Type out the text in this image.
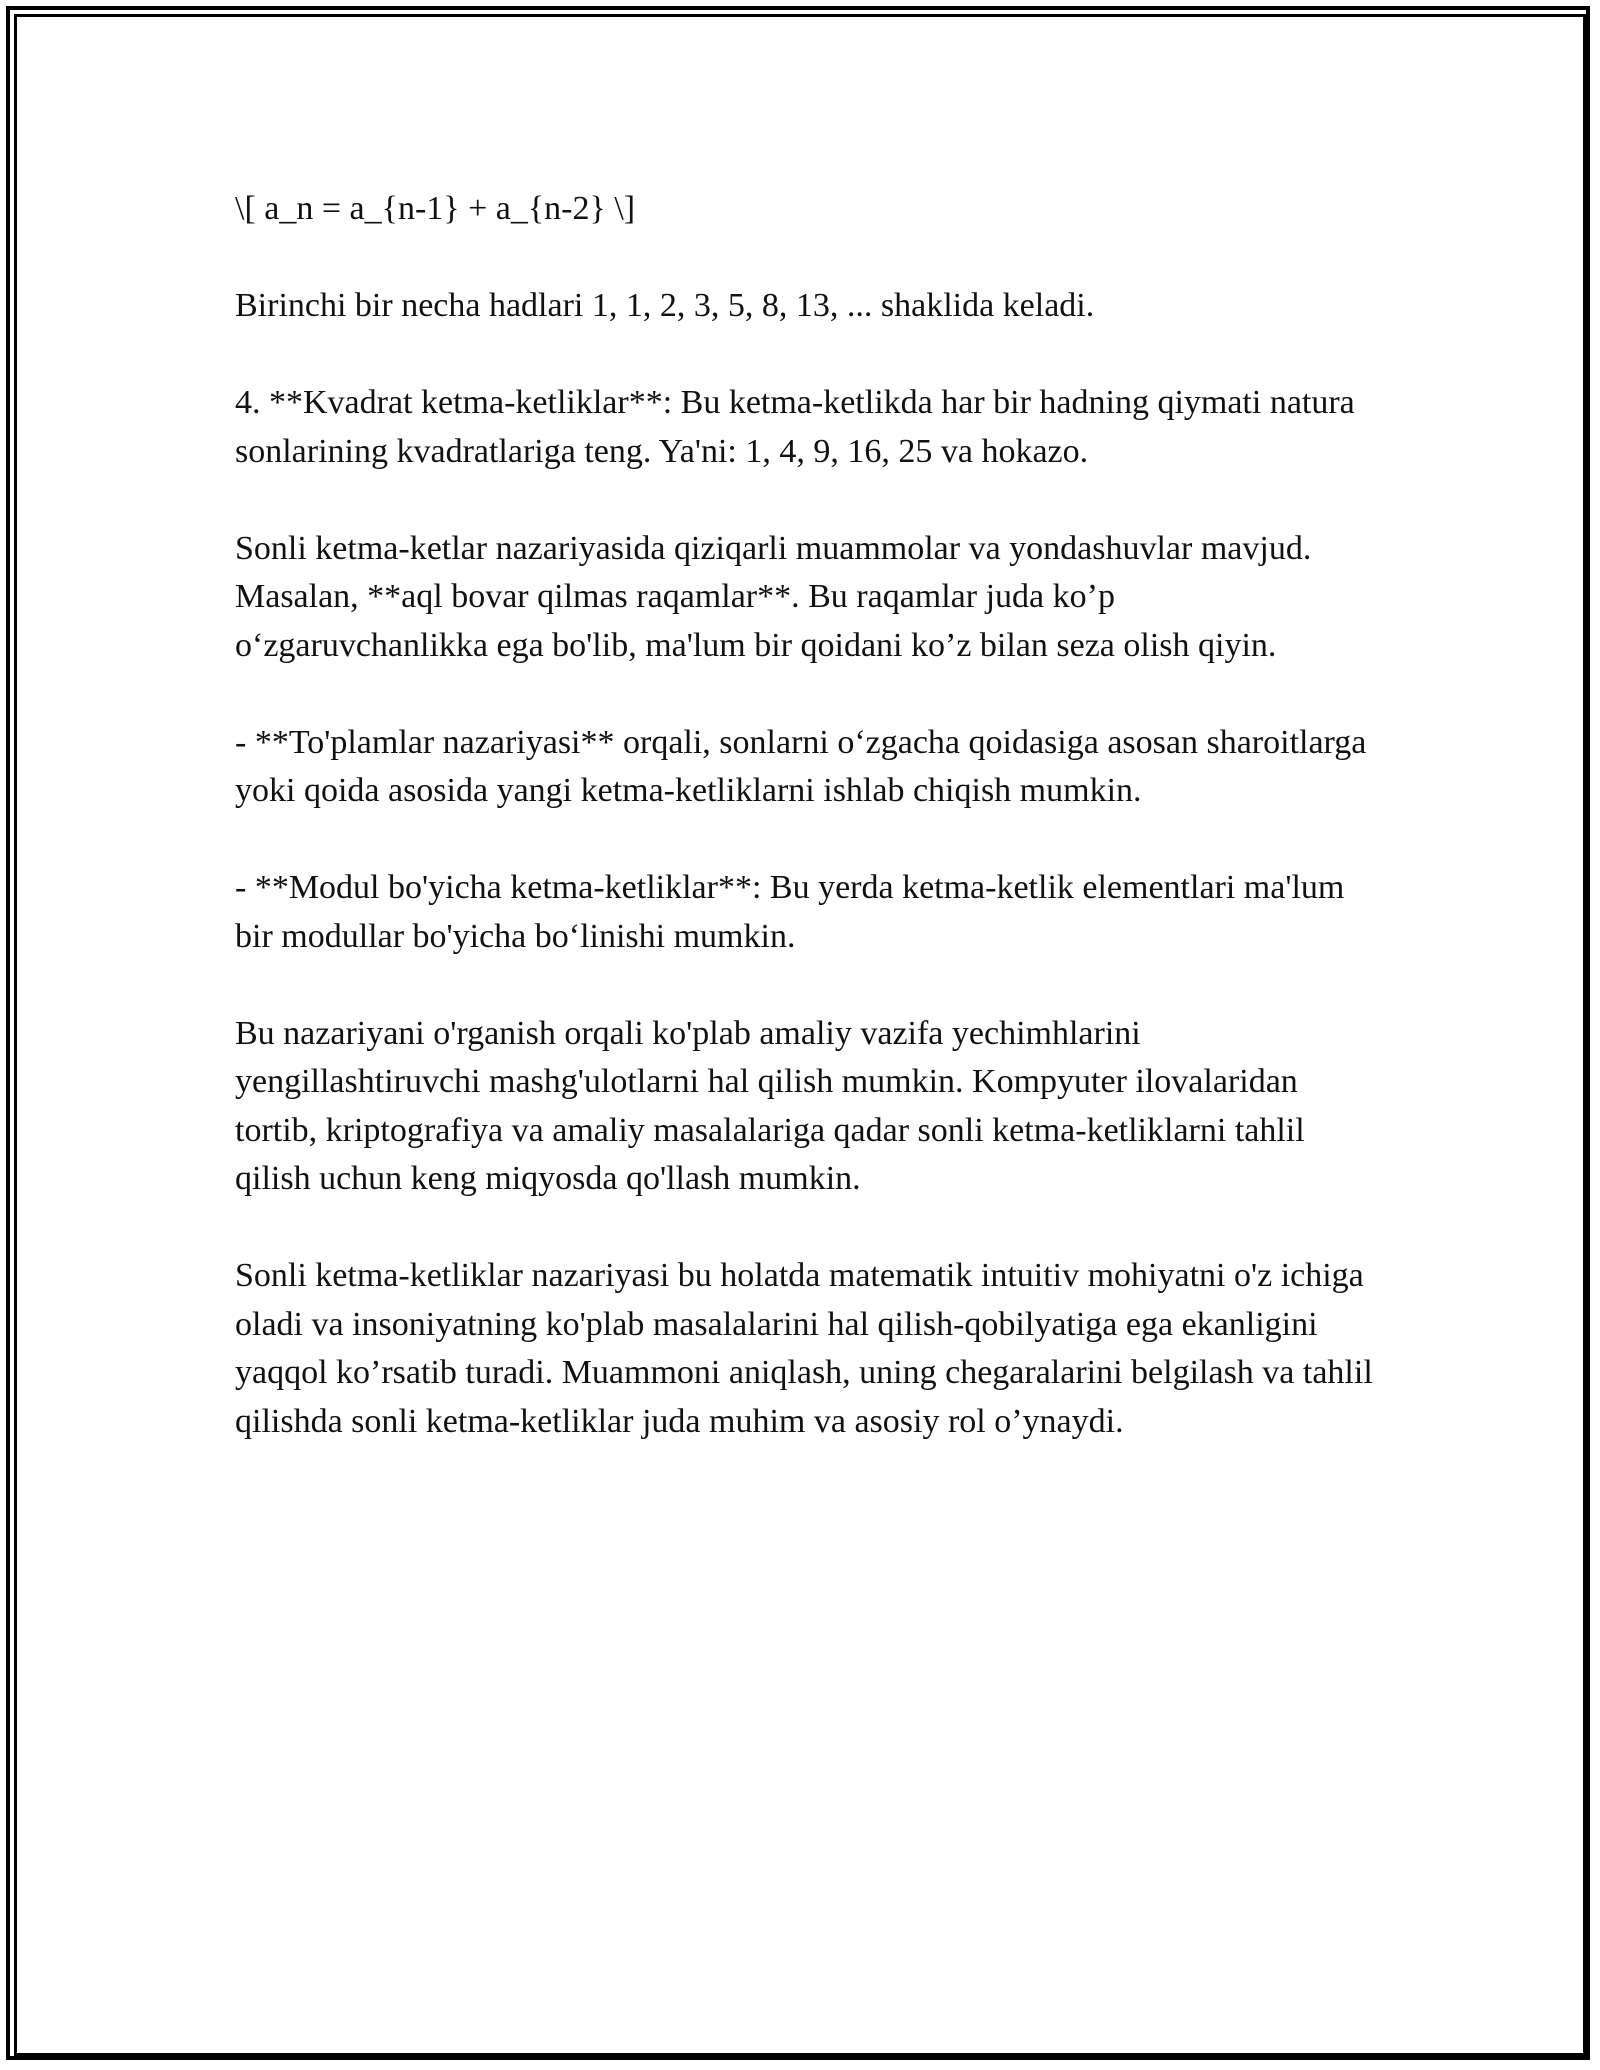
\[ a_n = a_{n-1} + a_{n-2} \]

Birinchi bir necha hadlari 1, 1, 2, 3, 5, 8, 13, ... shaklida keladi.

4. **Kvadrat ketma-ketliklar**: Bu ketma-ketlikda har bir hadning qiymati natura sonlarining kvadratlariga teng. Ya'ni: 1, 4, 9, 16, 25 va hokazo.

Sonli ketma-ketlar nazariyasida qiziqarli muammolar va yondashuvlar mavjud. Masalan, **aql bovar qilmas raqamlar**. Bu raqamlar juda ko’p o‘zgaruvchanlikka ega bo'lib, ma'lum bir qoidani ko’z bilan seza olish qiyin.

- **To'plamlar nazariyasi** orqali, sonlarni o‘zgacha qoidasiga asosan sharoitlarga yoki qoida asosida yangi ketma-ketliklarni ishlab chiqish mumkin.

- **Modul bo'yicha ketma-ketliklar**: Bu yerda ketma-ketlik elementlari ma'lum bir modullar bo'yicha bo‘linishi mumkin.

Bu nazariyani o'rganish orqali ko'plab amaliy vazifa yechimhlarini yengillashtiruvchi mashg'ulotlarni hal qilish mumkin. Kompyuter ilovalaridan tortib, kriptografiya va amaliy masalalariga qadar sonli ketma-ketliklarni tahlil qilish uchun keng miqyosda qo'llash mumkin.

Sonli ketma-ketliklar nazariyasi bu holatda matematik intuitiv mohiyatni o'z ichiga oladi va insoniyatning ko'plab masalalarini hal qilish-qobilyatiga ega ekanligini yaqqol ko’rsatib turadi. Muammoni aniqlash, uning chegaralarini belgilash va tahlil qilishda sonli ketma-ketliklar juda muhim va asosiy rol o’ynaydi.
